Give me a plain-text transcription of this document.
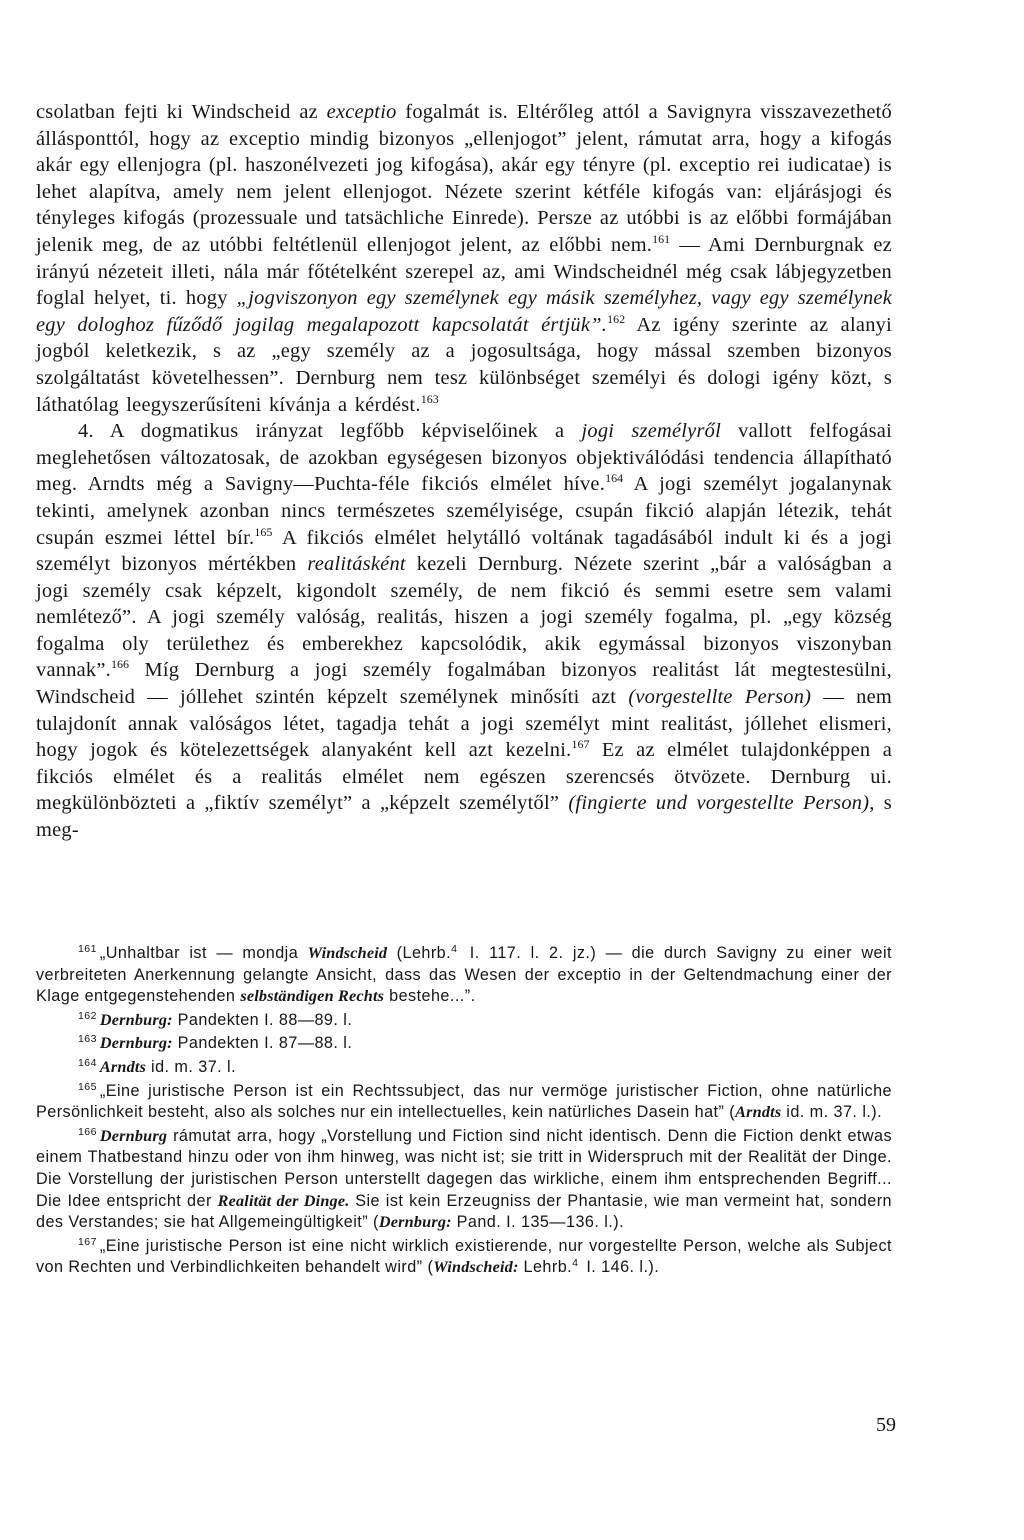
csolatban fejti ki Windscheid az exceptio fogalmát is. Eltérőleg attól a Savignyra visszavezethető állásponttól, hogy az exceptio mindig bizonyos „ellenjogot” jelent, rámutat arra, hogy a kifogás akár egy ellenjogra (pl. haszonélvezeti jog kifogása), akár egy tényre (pl. exceptio rei iudicatae) is lehet alapítva, amely nem jelent ellenjogot. Nézete szerint kétféle kifogás van: eljárásjogi és tényleges kifogás (prozessuale und tatsächliche Einrede). Persze az utóbbi is az előbbi formájában jelenik meg, de az utóbbi feltétlenül ellenjogot jelent, az előbbi nem.$^{161}$ — Ami Dernburgnak ez irányú nézeteit illeti, nála már főtételként szerepel az, ami Windscheidnél még csak lábjegyzetben foglal helyet, ti. hogy „jogviszonyon egy személynek egy másik személyhez, vagy egy személynek egy dologhoz fűződő jogilag megalapozott kapcsolatát értjük”.$^{162}$ Az igény szerinte az alanyi jogból keletkezik, s az „egy személy az a jogosultsága, hogy mással szemben bizonyos szolgáltatást követelhessen”. Dernburg nem tesz különbséget személyi és dologi igény közt, s láthatólag leegyszerűsíteni kívánja a kérdést.$^{163}$

4. A dogmatikus irányzat legfőbb képviselőinek a jogi személyről vallott felfogásai meglehetősen változatosak, de azokban egységesen bizonyos objektiválódási tendencia állapítható meg. Arndts még a Savigny—Puchta-féle fikciós elmélet híve.$^{164}$ A jogi személyt jogalanynak tekinti, amelynek azonban nincs természetes személyisége, csupán fikció alapján létezik, tehát csupán eszmei léttel bír.$^{165}$ A fikciós elmélet helytálló voltának tagadásából indult ki és a jogi személyt bizonyos mértékben realitásként kezeli Dernburg. Nézete szerint „bár a valóságban a jogi személy csak képzelt, kigondolt személy, de nem fikció és semmi esetre sem valami nemlétező”. A jogi személy valóság, realitás, hiszen a jogi személy fogalma, pl. „egy község fogalma oly területhez és emberekhez kapcsolódik, akik egymással bizonyos viszonyban vannak”.$^{166}$ Míg Dernburg a jogi személy fogalmában bizonyos realitást lát megtestesülni, Windscheid — jóllehet szintén képzelt személynek minősíti azt (vorgestellte Person) — nem tulajdonít annak valóságos létet, tagadja tehát a jogi személyt mint realitást, jóllehet elismeri, hogy jogok és kötelezettségek alanyaként kell azt kezelni.$^{167}$ Ez az elmélet tulajdonképpen a fikciós elmélet és a realitás elmélet nem egészen szerencsés ötvözete. Dernburg ui. megkülönbözteti a „fiktív személyt” a „képzelt személytől” (fingierte und vorgestellte Person), s meg-

$^{161}$ „Unhaltbar ist — mondja Windscheid (Lehrb.$^4$ I. 117. l. 2. jz.) — die durch Savigny zu einer weit verbreiteten Anerkennung gelangte Ansicht, dass das Wesen der exceptio in der Geltendmachung einer der Klage entgegenstehenden selbständigen Rechts bestehe...”.

$^{162}$ Dernburg: Pandekten I. 88—89. l.

$^{163}$ Dernburg: Pandekten I. 87—88. l.

$^{164}$ Arndts id. m. 37. l.

$^{165}$ „Eine juristische Person ist ein Rechtssubject, das nur vermöge juristischer Fiction, ohne natürliche Persönlichkeit besteht, also als solches nur ein intellectuelles, kein natürliches Dasein hat” (Arndts id. m. 37. l.).

$^{166}$ Dernburg rámutat arra, hogy „Vorstellung und Fiction sind nicht identisch. Denn die Fiction denkt etwas einem Thatbestand hinzu oder von ihm hinweg, was nicht ist; sie tritt in Widerspruch mit der Realität der Dinge. Die Vorstellung der juristischen Person unterstellt dagegen das wirkliche, einem ihm entsprechenden Begriff... Die Idee entspricht der Realität der Dinge. Sie ist kein Erzeugniss der Phantasie, wie man vermeint hat, sondern des Verstandes; sie hat Allgemeingültigkeit” (Dernburg: Pand. I. 135—136. l.).

$^{167}$ „Eine juristische Person ist eine nicht wirklich existierende, nur vorgestellte Person, welche als Subject von Rechten und Verbindlichkeiten behandelt wird” (Windscheid: Lehrb.$^4$ I. 146. l.).

59
